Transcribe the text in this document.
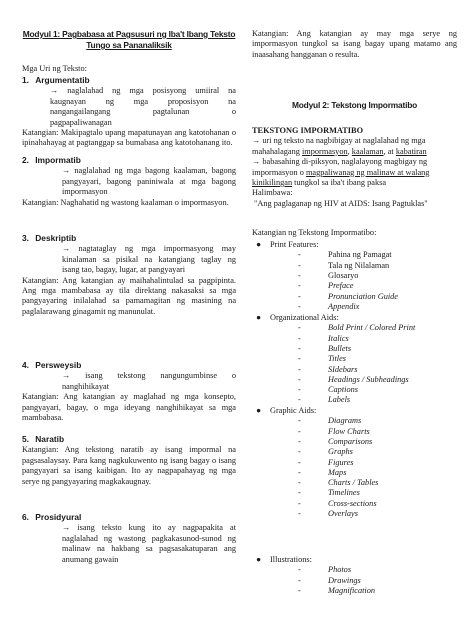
Modyul 1: Pagbabasa at Pagsusuri ng Iba't Ibang Teksto
Tungo sa Pananaliksik
Mga Uri ng Teksto:
1. Argumentatib
→ naglalahad ng mga posisyong umiiral na
kaugnayan ng mga proposisyon na
nangangailangang pagtalunan o
pagpapaliwanagan
Katangian: Makipagtalo upang mapatunayan ang katotohanan o ipinahahayag at pagtanggap sa bumabasa ang katotohanang ito.
2. Impormatib
→ naglalahad ng mga bagong kaalaman, bagong
pangyayari, bagong paniniwala at mga bagong
impormasyon
Katangian: Naghahatid ng wastong kaalaman o impormasyon.
3. Deskriptib
→ nagtataglay ng mga impormasyong may
kinalaman sa pisikal na katangiang taglay ng
isang tao, bagay, lugar, at pangyayari
Katangian: Ang katangian ay maihahalintulad sa pagpipinta. Ang mga mambabasa ay tila direktang nakasaksi sa mga pangyayaring inilalahad sa pamamagitan ng masining na paglalarawang ginagamit ng manunulat.
4. Persweysib
→ isang tekstong nangungumbinse o
nanghihikayat
Katangian: Ang katangian ay maglahad ng mga konsepto, pangyayari, bagay, o mga ideyang nanghihikayat sa mga mambabasa.
5. Naratib
Katangian: Ang tekstong naratib ay isang impormal na pagsasalaysay. Para kang nagkukuwento ng isang bagay o isang pangyayari sa isang kaibigan. Ito ay nagpapahayag ng mga serye ng pangyayaring magkakaugnay.
6. Prosidyural
→ isang teksto kung ito ay nagpapakita at
naglalahad ng wastong pagkakasunod-sunod ng
malinaw na hakbang sa pagsasakatuparan ang
anumang gawain
Katangian: Ang katangian ay may mga serye ng impormasyon tungkol sa isang bagay upang matamo ang inaasahang hangganan o resulta.
Modyul 2: Tekstong Impormatibo
TEKSTONG IMPORMATIBO
→ uri ng teksto na nagbibigay at naglalahad ng mga
mahahalagang impormasyon, kaalaman, at kabatiran
→ babasahing di-piksyon, naglalayong magbigay ng
impormasyon o magpaliwanag ng malinaw at walang
kinikilingan tungkol sa iba't ibang paksa
Halimbawa:
"Ang paglaganap ng HIV at AIDS: Isang Pagtuklas"
Katangian ng Tekstong Impormatibo:
●	Print Features:
-	Pahina ng Pamagat
-	Tala ng Nilalaman
-	Glosaryo
-	Preface
-	Pronunciation Guide
-	Appendix
●	Organizational Aids:
-	Bold Print / Colored Print
-	Italics
-	Bullets
-	Titles
-	SIdebars
-	Headings / Subheadings
-	Captions
-	Labels
●	Graphic Aids:
-	Diagrams
-	Flow Charts
-	Comparisons
-	Graphs
-	Figures
-	Maps
-	Charts / Tables
-	Timelines
-	Cross-sections
-	Overlays
●	Illustrations:
-	Photos
-	Drawings
-	Magnification
